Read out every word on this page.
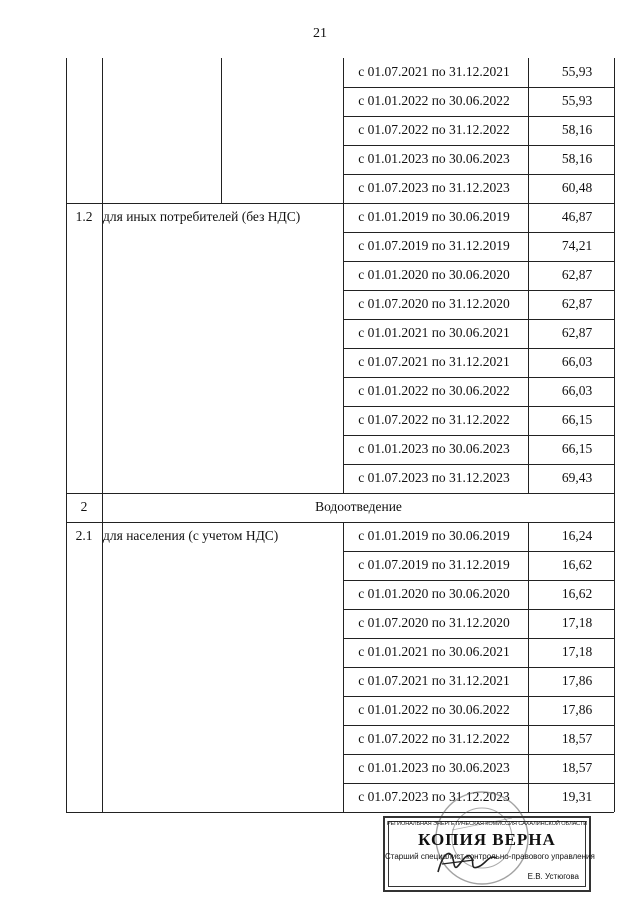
21
с 01.07.2021 по 31.12.2021	55,93
с 01.01.2022 по 30.06.2022	55,93
с 01.07.2022 по 31.12.2022	58,16
с 01.01.2023 по 30.06.2023	58,16
с 01.07.2023 по 31.12.2023	60,48
1.2 для иных потребителей (без НДС)	с 01.01.2019 по 30.06.2019	46,87
с 01.07.2019 по 31.12.2019	74,21
с 01.01.2020 по 30.06.2020	62,87
с 01.07.2020 по 31.12.2020	62,87
с 01.01.2021 по 30.06.2021	62,87
с 01.07.2021 по 31.12.2021	66,03
с 01.01.2022 по 30.06.2022	66,03
с 01.07.2022 по 31.12.2022	66,15
с 01.01.2023 по 30.06.2023	66,15
с 01.07.2023 по 31.12.2023	69,43
2	Водоотведение
2.1 для населения (с учетом НДС)	с 01.01.2019 по 30.06.2019	16,24
с 01.07.2019 по 31.12.2019	16,62
с 01.01.2020 по 30.06.2020	16,62
с 01.07.2020 по 31.12.2020	17,18
с 01.01.2021 по 30.06.2021	17,18
с 01.07.2021 по 31.12.2021	17,86
с 01.01.2022 по 30.06.2022	17,86
с 01.07.2022 по 31.12.2022	18,57
с 01.01.2023 по 30.06.2023	18,57
с 01.07.2023 по 31.12.2023	19,31
РЕГИОНАЛЬНАЯ ЭНЕРГЕТИЧЕСКАЯ КОМИССИЯ САХАЛИНСКОЙ ОБЛАСТИ
КОПИЯ ВЕРНА
Старший специалист контрольно-правового управления
Е.В. Устюгова
